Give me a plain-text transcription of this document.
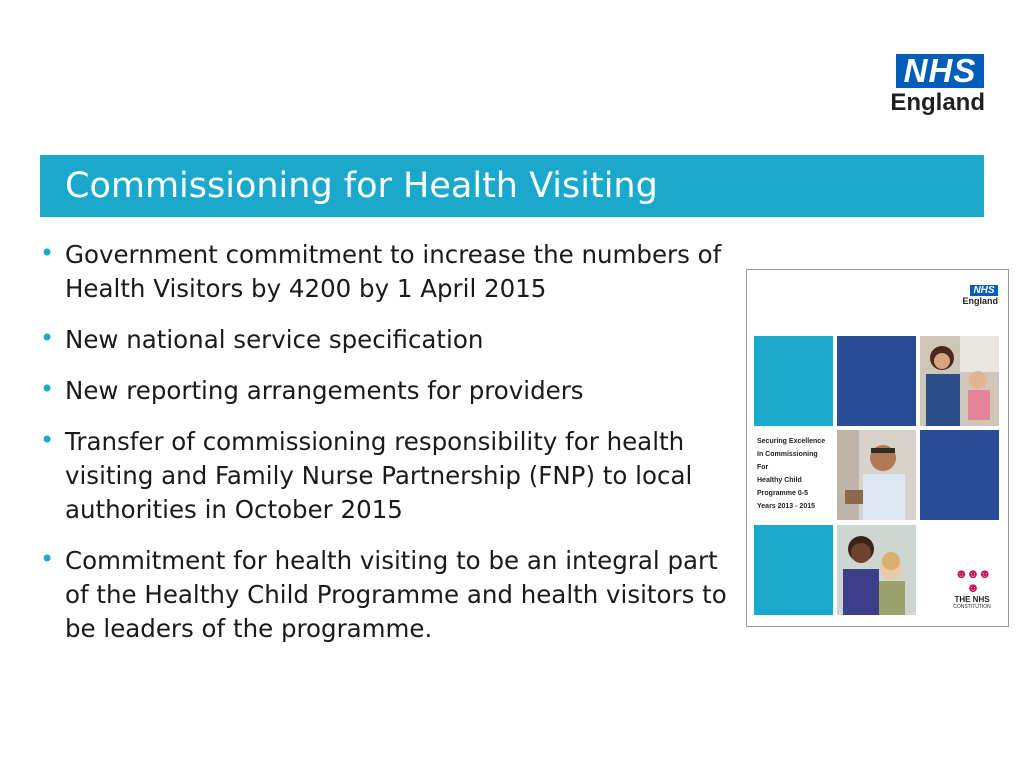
NHS
England
Commissioning for Health Visiting
• Government commitment to increase the numbers of Health Visitors by 4200 by 1 April 2015
• New national service specification
• New reporting arrangements for providers
• Transfer of commissioning responsibility for health visiting and Family Nurse Partnership (FNP) to local authorities in October 2015
• Commitment for health visiting to be an integral part of the Healthy Child Programme and health visitors to be leaders of the programme.
NHS
England
Securing Excellence
In Commissioning
For
Healthy Child
Programme 0-5
Years 2013 - 2015
☻☻☻☻
THE NHS
CONSTITUTION
